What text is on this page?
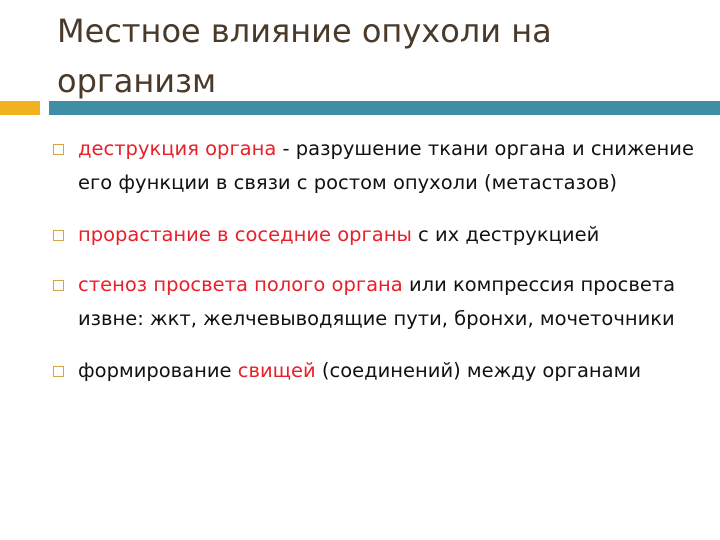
Местное влияние опухоли на организм
деструкция органа - разрушение ткани органа и снижение его функции в связи с ростом опухоли (метастазов)
прорастание в соседние органы с их деструкцией
стеноз просвета полого органа или компрессия просвета извне: жкт, желчевыводящие пути, бронхи, мочеточники
формирование свищей (соединений) между органами
